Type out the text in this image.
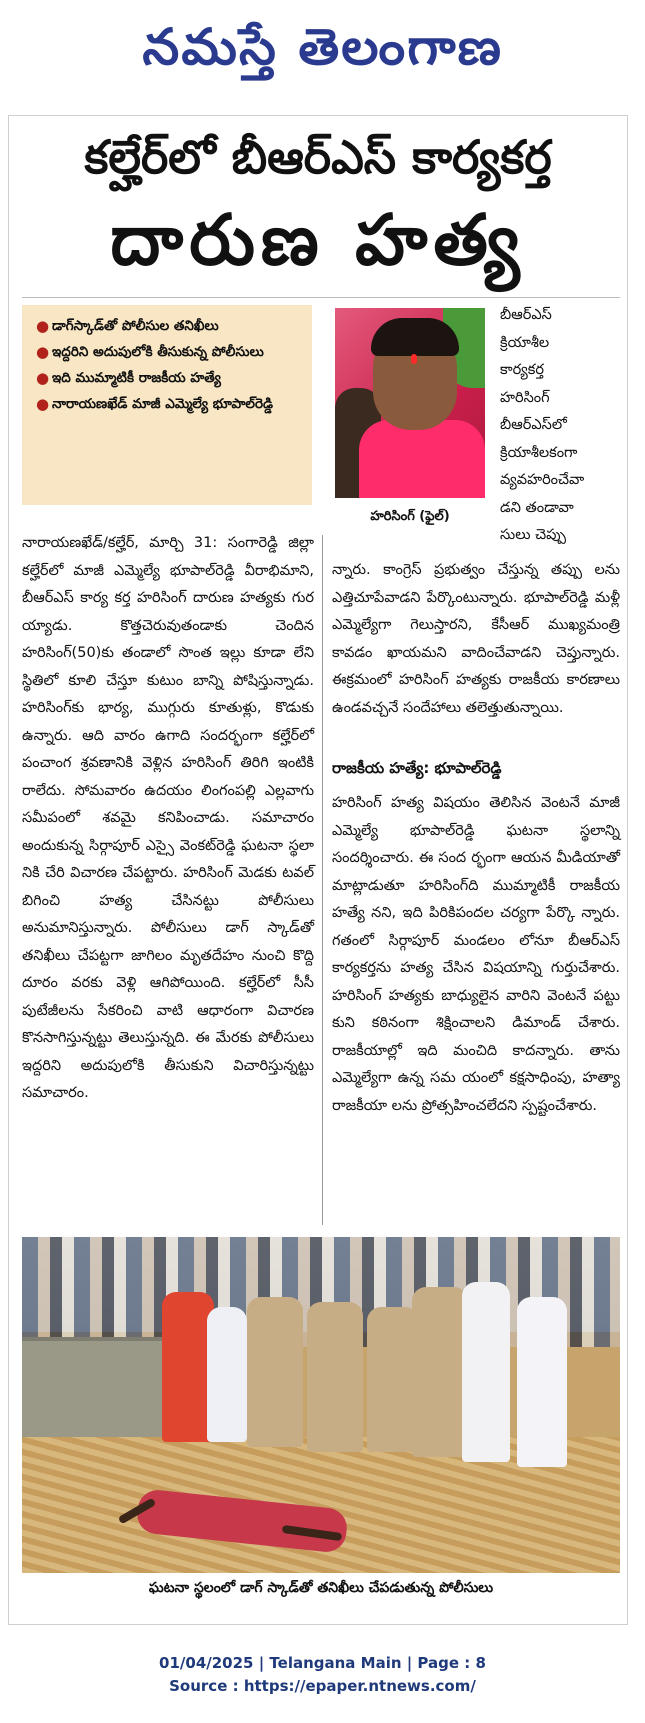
నమస్తే తెలంగాణ
కల్హేర్‌లో బీఆర్‌ఎస్ కార్యకర్త
దారుణ హత్య
● డాగ్‌స్కాడ్‌తో పోలీసుల తనిఖీలు
● ఇద్దరిని అదుపులోకి తీసుకున్న పోలీసులు
● ఇది ముమ్మాటికీ రాజకీయ హత్యే
● నారాయణఖేడ్ మాజీ ఎమ్మెల్యే భూపాల్‌రెడ్డి
హరిసింగ్ (ఫైల్)

బీఆర్‌ఎస్

క్రియాశీల

కార్యకర్త

హరిసింగ్

బీఆర్‌ఎస్‌లో

క్రియాశీలకంగా

వ్యవహరించేవా

డని తండావా

సులు చెప్పు

నారాయణఖేడ్/కల్హేర్, మార్చి 31: సంగారెడ్డి జిల్లా కల్హేర్‌లో మాజీ ఎమ్మెల్యే భూపాల్‌రెడ్డి వీరాభిమాని, బీఆర్‌ఎస్ కార్య కర్త హరిసింగ్ దారుణ హత్యకు గుర య్యాడు. కొత్తచెరువుతండాకు చెందిన హరిసింగ్(50)కు తండాలో సొంత ఇల్లు కూడా లేని స్థితిలో కూలి చేస్తూ కుటుం బాన్ని పోషిస్తున్నాడు. హరిసింగ్‌కు భార్య, ముగ్గురు కూతుళ్లు, కొడుకు ఉన్నారు. ఆది వారం ఉగాది సందర్భంగా కల్హేర్‌లో పంచాంగ శ్రవణానికి వెళ్లిన హరిసింగ్ తిరిగి ఇంటికి రాలేదు. సోమవారం ఉదయం లింగంపల్లి ఎల్లవాగు సమీపంలో శవమై కనిపించాడు. సమాచారం అందుకున్న సిర్గాపూర్ ఎస్సై వెంకట్‌రెడ్డి ఘటనా స్థలా నికి చేరి విచారణ చేపట్టారు. హరిసింగ్ మెడకు టవల్ బిగించి హత్య చేసినట్టు పోలీసులు అనుమానిస్తున్నారు. పోలీసులు డాగ్ స్కాడ్‌తో తనిఖీలు చేపట్టగా జాగిలం మృతదేహం నుంచి కొద్ది దూరం వరకు వెళ్లి ఆగిపోయింది. కల్హేర్‌లో సీసీ పుటేజీలను సేకరించి వాటి ఆధారంగా విచారణ కొనసాగిస్తున్నట్టు తెలుస్తున్నది. ఈ మేరకు పోలీసులు ఇద్దరిని అదుపులోకి తీసుకుని విచారిస్తున్నట్టు సమాచారం.

న్నారు. కాంగ్రెస్ ప్రభుత్వం చేస్తున్న తప్పు లను ఎత్తిచూపేవాడని పేర్కొంటున్నారు. భూపాల్‌రెడ్డి మళ్లీ ఎమ్మెల్యేగా గెలుస్తారని, కేసీఆర్ ముఖ్యమంత్రి కావడం ఖాయమని వాదించేవాడని చెప్తున్నారు. ఈక్రమంలో హరిసింగ్ హత్యకు రాజకీయ కారణాలు ఉండవచ్చనే సందేహాలు తలెత్తుతున్నాయి.

రాజకీయ హత్యే: భూపాల్‌రెడ్డి

హరిసింగ్ హత్య విషయం తెలిసిన వెంటనే మాజీ ఎమ్మెల్యే భూపాల్‌రెడ్డి ఘటనా స్థలాన్ని సందర్శించారు. ఈ సంద ర్భంగా ఆయన మీడియాతో మాట్లాడుతూ హరిసింగ్‌ది ముమ్మాటికీ రాజకీయ హత్యే నని, ఇది పిరికిపందల చర్యగా పేర్కొ న్నారు. గతంలో సిర్గాపూర్ మండలం లోనూ బీఆర్‌ఎస్ కార్యకర్తను హత్య చేసిన విషయాన్ని గుర్తుచేశారు. హరిసింగ్ హత్యకు బాధ్యులైన వారిని వెంటనే పట్టు కుని కఠినంగా శిక్షించాలని డిమాండ్ చేశారు. రాజకీయాల్లో ఇది మంచిది కాదన్నారు. తాను ఎమ్మెల్యేగా ఉన్న సమ యంలో కక్షసాధింపు, హత్యా రాజకీయా లను ప్రోత్సహించలేదని స్పష్టంచేశారు.

ఘటనా స్థలంలో డాగ్ స్కాడ్‌తో తనిఖీలు చేపడుతున్న పోలీసులు
01/04/2025 | Telangana Main | Page : 8
Source : https://epaper.ntnews.com/
